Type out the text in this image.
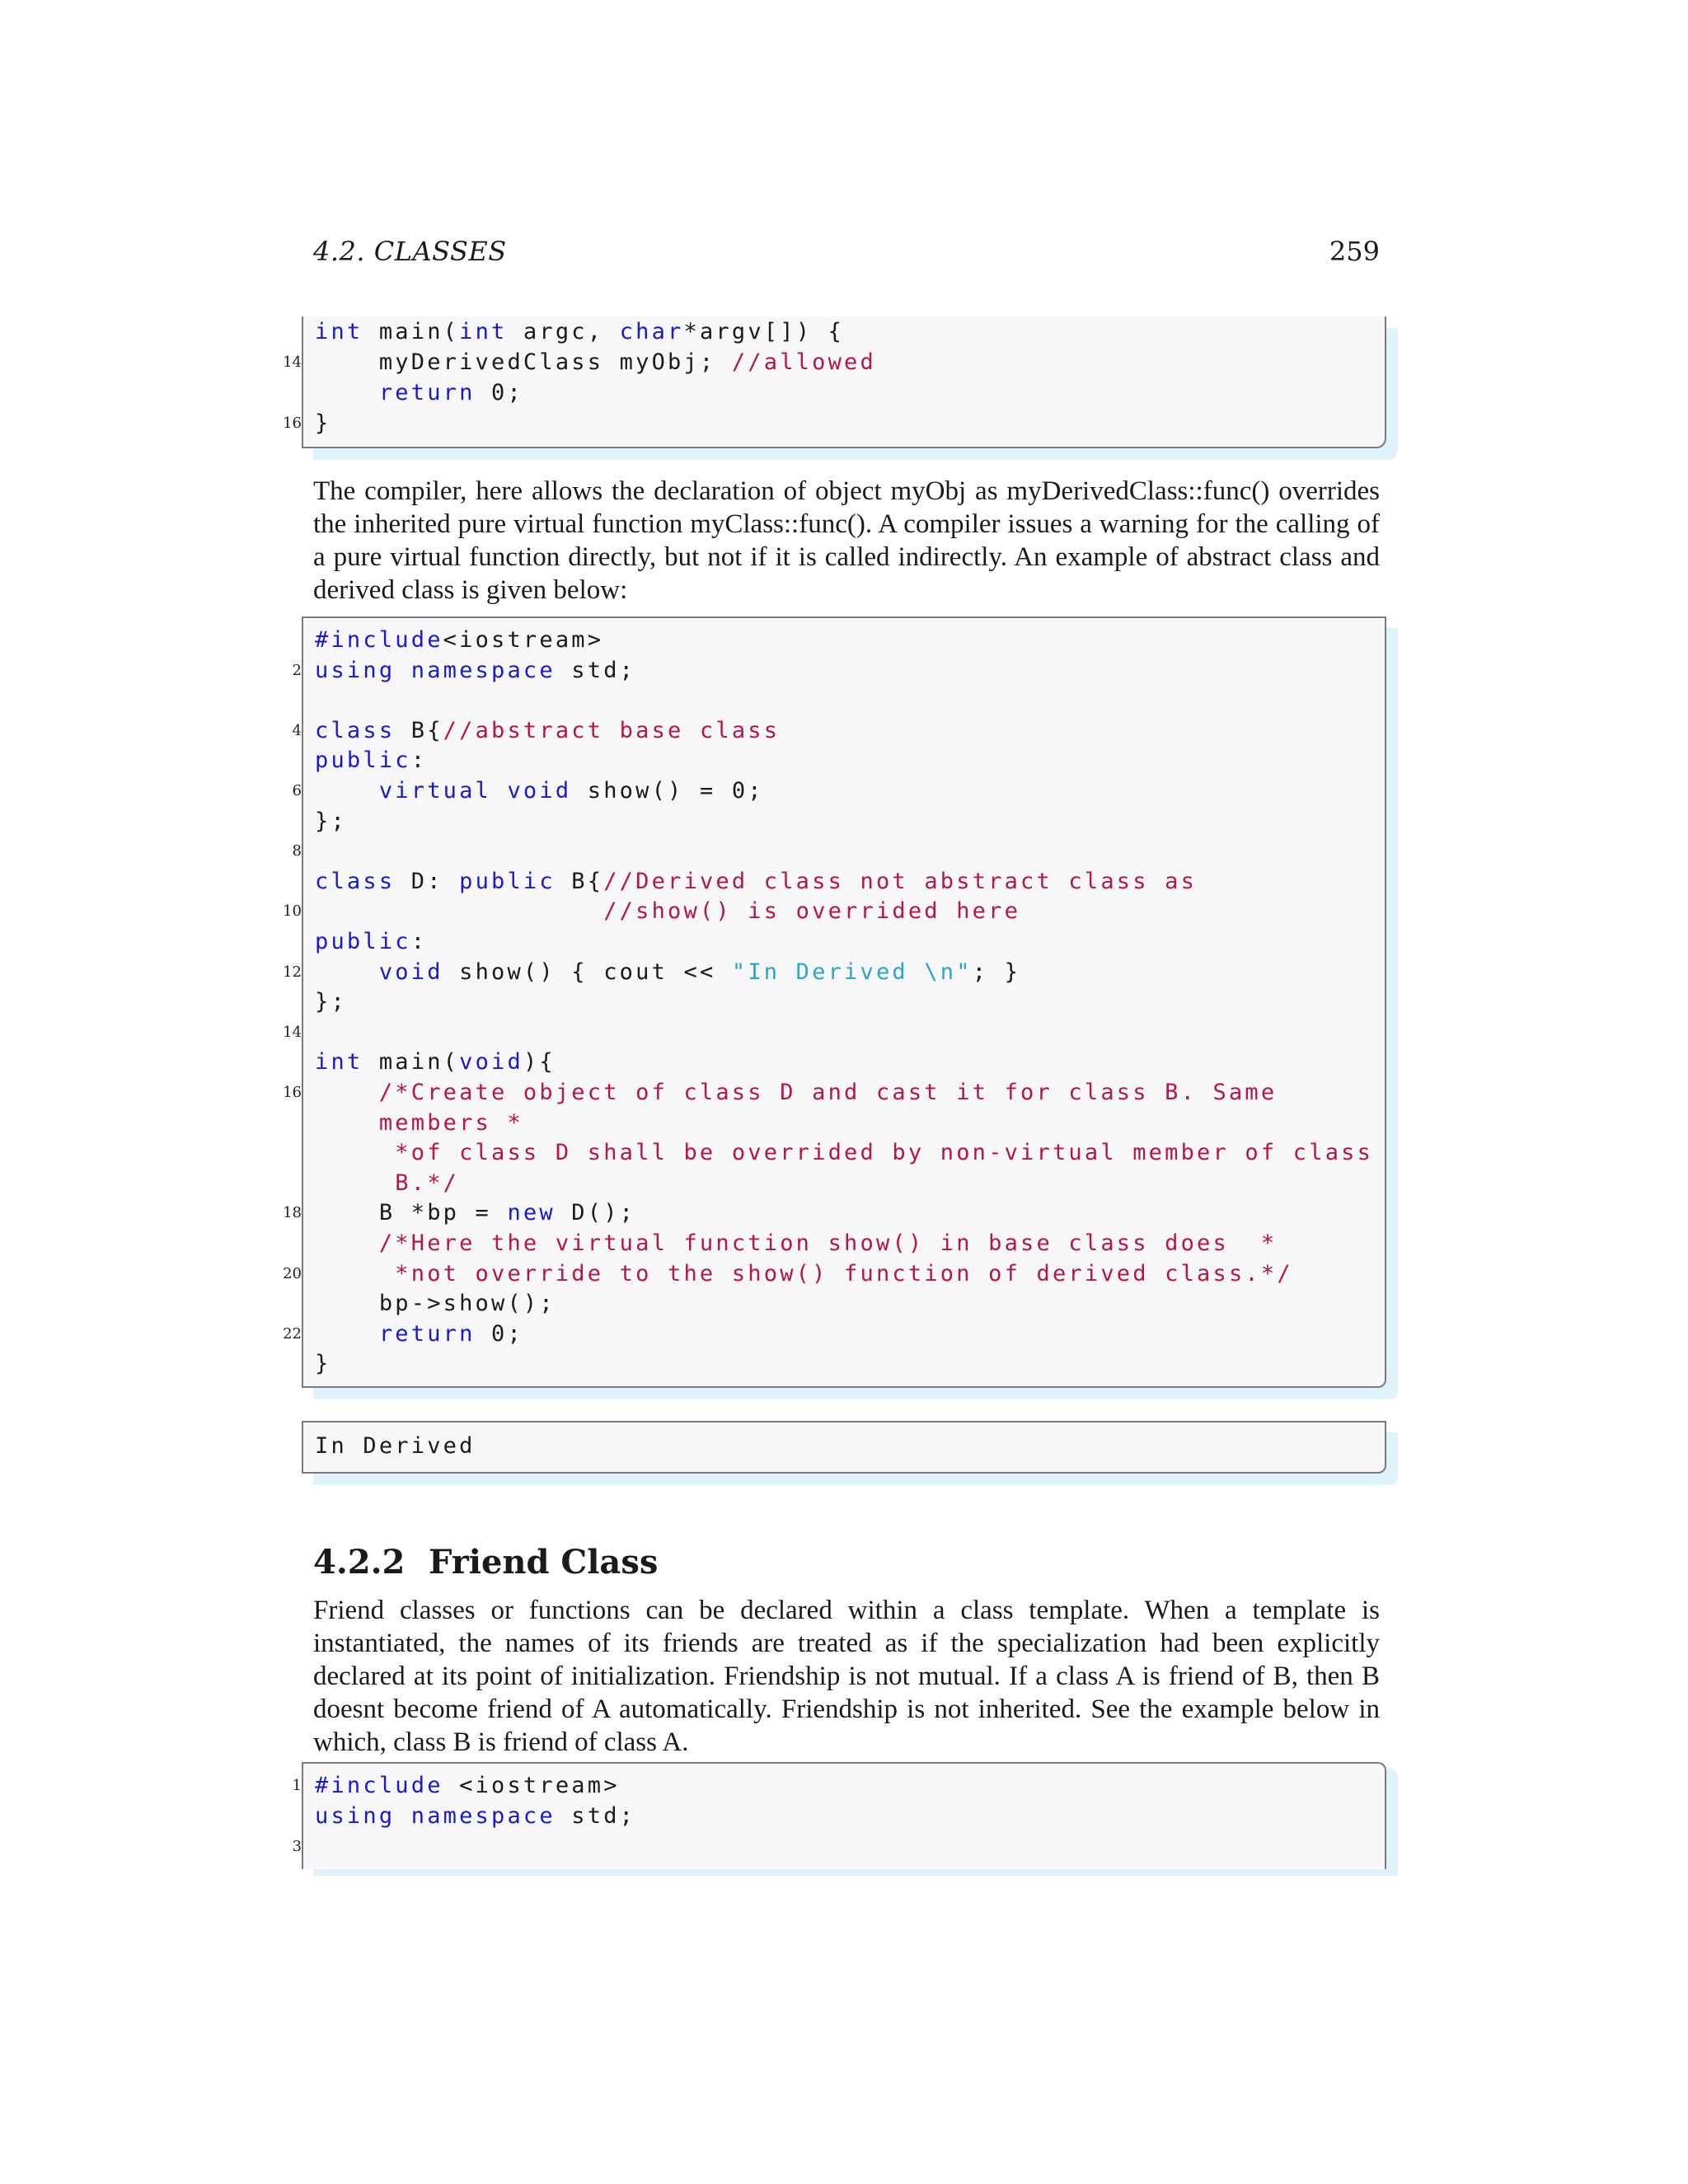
4.2. CLASSES	259
int main(int argc, char*argv[]) {
14 myDerivedClass myObj; //allowed
return 0;
16 }

The compiler, here allows the declaration of object myObj as myDerivedClass::func() overrides the inherited pure virtual function myClass::func(). A compiler issues a warning for the calling of a pure virtual function directly, but not if it is called indirectly. An example of abstract class and derived class is given below:

#include<iostream>
2 using namespace std;
4 class B{//abstract base class
public:
6	virtual void show() = 0;
};
8
class D: public B{//Derived class not abstract class as
10	//show() is overrided here
public:
12	void show() { cout << "In Derived \n"; }
};
14
int main(void){
16	/*Create object of class D and cast it for class B. Same
members *
*of class D shall be overrided by non-virtual member of class
B.*/
18 B *bp = new D();
/*Here the virtual function show() in base class does  *
20	*not override to the show() function of derived class.*/
bp->show();
22	return 0;
}
In Derived
4.2.2 Friend Class

Friend classes or functions can be declared within a class template. When a template is instantiated, the names of its friends are treated as if the specialization had been explicitly declared at its point of initialization. Friendship is not mutual. If a class A is friend of B, then B doesnt become friend of A automatically. Friendship is not inherited. See the example below in which, class B is friend of class A.

1 #include <iostream>
using namespace std;
3
